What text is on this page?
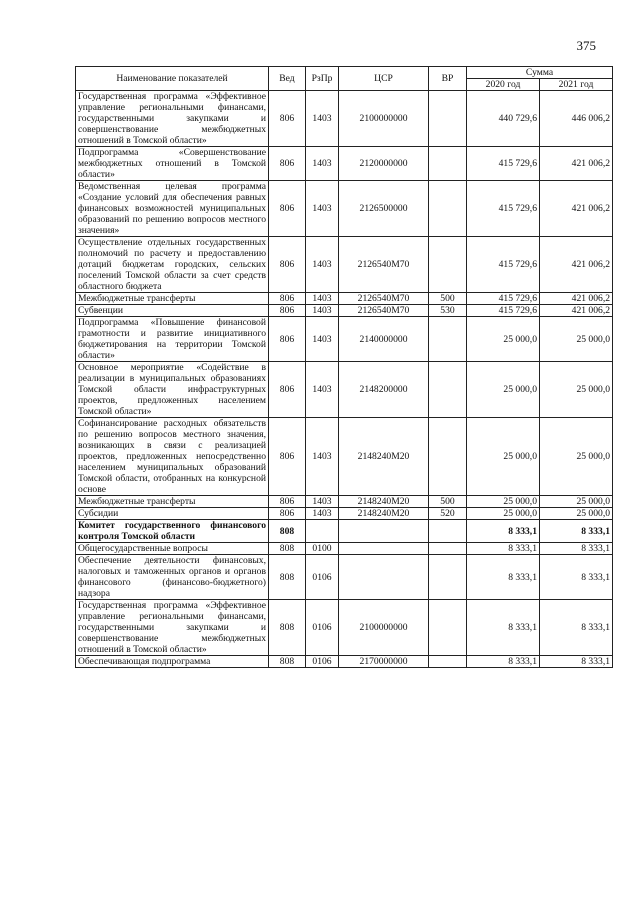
375
Наименование показателей	Вед	РзПр	ЦСР	ВР	Сумма	
					2020 год	2021 год
Государственная программа «Эффективное управление региональными финансами, государственными закупками и совершенствование межбюджетных отношений в Томской области»	806	1403	2100000000		440 729,6	446 006,2
Подпрограмма «Совершенствование межбюджетных отношений в Томской области»	806	1403	2120000000		415 729,6	421 006,2
Ведомственная целевая программа «Создание условий для обеспечения равных финансовых возможностей муниципальных образований по решению вопросов местного значения»	806	1403	2126500000		415 729,6	421 006,2
Осуществление отдельных государственных полномочий по расчету и предоставлению дотаций бюджетам городских, сельских поселений Томской области за счет средств областного бюджета	806	1403	2126540М70		415 729,6	421 006,2
Межбюджетные трансферты	806	1403	2126540М70	500	415 729,6	421 006,2
Субвенции	806	1403	2126540М70	530	415 729,6	421 006,2
Подпрограмма «Повышение финансовой грамотности и развитие инициативного бюджетирования на территории Томской области»	806	1403	2140000000		25 000,0	25 000,0
Основное мероприятие «Содействие в реализации в муниципальных образованиях Томской области инфраструктурных проектов, предложенных населением Томской области»	806	1403	2148200000		25 000,0	25 000,0
Софинансирование расходных обязательств по решению вопросов местного значения, возникающих в связи с реализацией проектов, предложенных непосредственно населением муниципальных образований Томской области, отобранных на конкурсной основе	806	1403	2148240М20		25 000,0	25 000,0
Межбюджетные трансферты	806	1403	2148240М20	500	25 000,0	25 000,0
Субсидии	806	1403	2148240М20	520	25 000,0	25 000,0
Комитет государственного финансового контроля Томской области	808				8 333,1	8 333,1
Общегосударственные вопросы	808	0100			8 333,1	8 333,1
Обеспечение деятельности финансовых, налоговых и таможенных органов и органов финансового (финансово-бюджетного) надзора	808	0106			8 333,1	8 333,1
Государственная программа «Эффективное управление региональными финансами, государственными закупками и совершенствование межбюджетных отношений в Томской области»	808	0106	2100000000		8 333,1	8 333,1
Обеспечивающая подпрограмма	808	0106	2170000000		8 333,1	8 333,1
